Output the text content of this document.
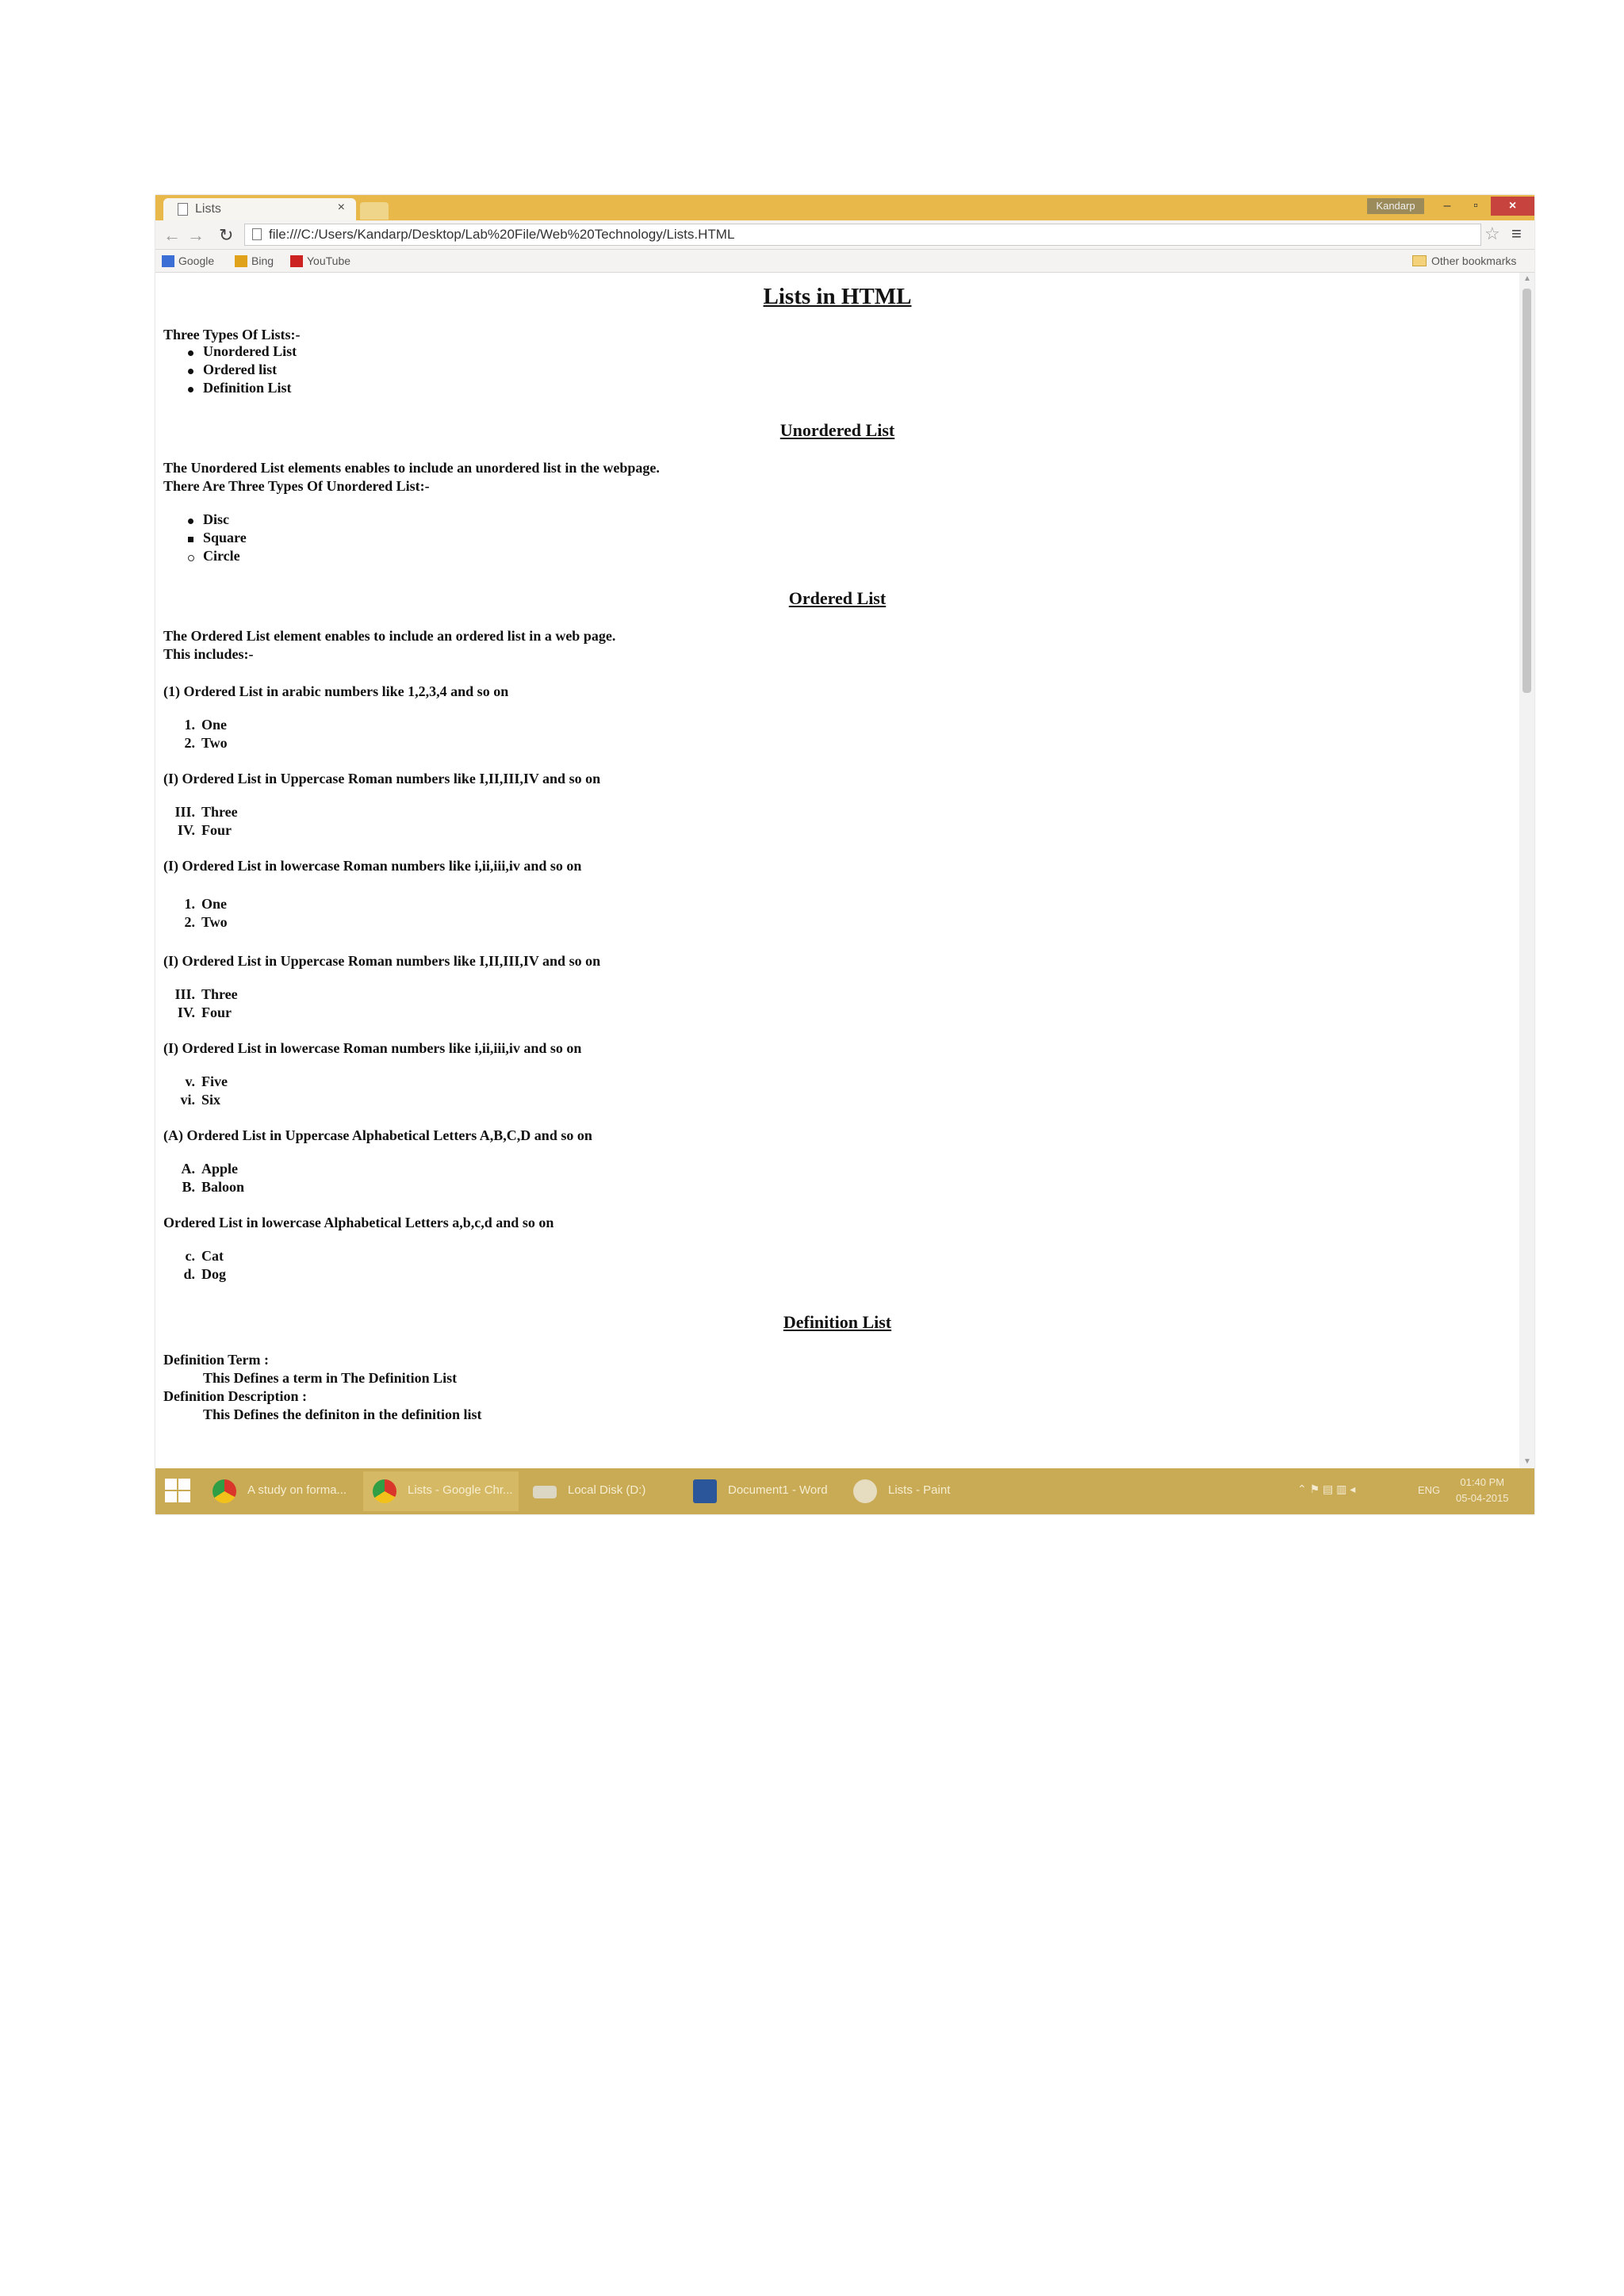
Lists	×	Kandarp	–	▫	×
← → ↻	file:///C:/Users/Kandarp/Desktop/Lab%20File/Web%20Technology/Lists.HTML	☆ ≡
Google	Bing	YouTube	Other bookmarks
Lists in HTML
Three Types Of Lists:-
Unordered List
Ordered list
Definition List
Unordered List
The Unordered List elements enables to include an unordered list in the webpage.
There Are Three Types Of Unordered List:-
Disc
Square
Circle
Ordered List
The Ordered List element enables to include an ordered list in a web page.
This includes:-
(1) Ordered List in arabic numbers like 1,2,3,4 and so on
1. One
2. Two
(I) Ordered List in Uppercase Roman numbers like I,II,III,IV and so on
III. Three
IV. Four
(I) Ordered List in lowercase Roman numbers like i,ii,iii,iv and so on
1. One
2. Two
(I) Ordered List in Uppercase Roman numbers like I,II,III,IV and so on
III. Three
IV. Four
(I) Ordered List in lowercase Roman numbers like i,ii,iii,iv and so on
v. Five
vi. Six
(A) Ordered List in Uppercase Alphabetical Letters A,B,C,D and so on
A. Apple
B. Baloon
Ordered List in lowercase Alphabetical Letters a,b,c,d and so on
c. Cat
d. Dog
Definition List
Definition Term :
This Defines a term in The Definition List
Definition Description :
This Defines the definiton in the definition list
▲
▼
A study on forma...	Lists - Google Chr...	Local Disk (D:)	Document1 - Word	Lists - Paint	⌃ ⚑ ▤ ▥ ◂	ENG
01:40 PM
05-04-2015
